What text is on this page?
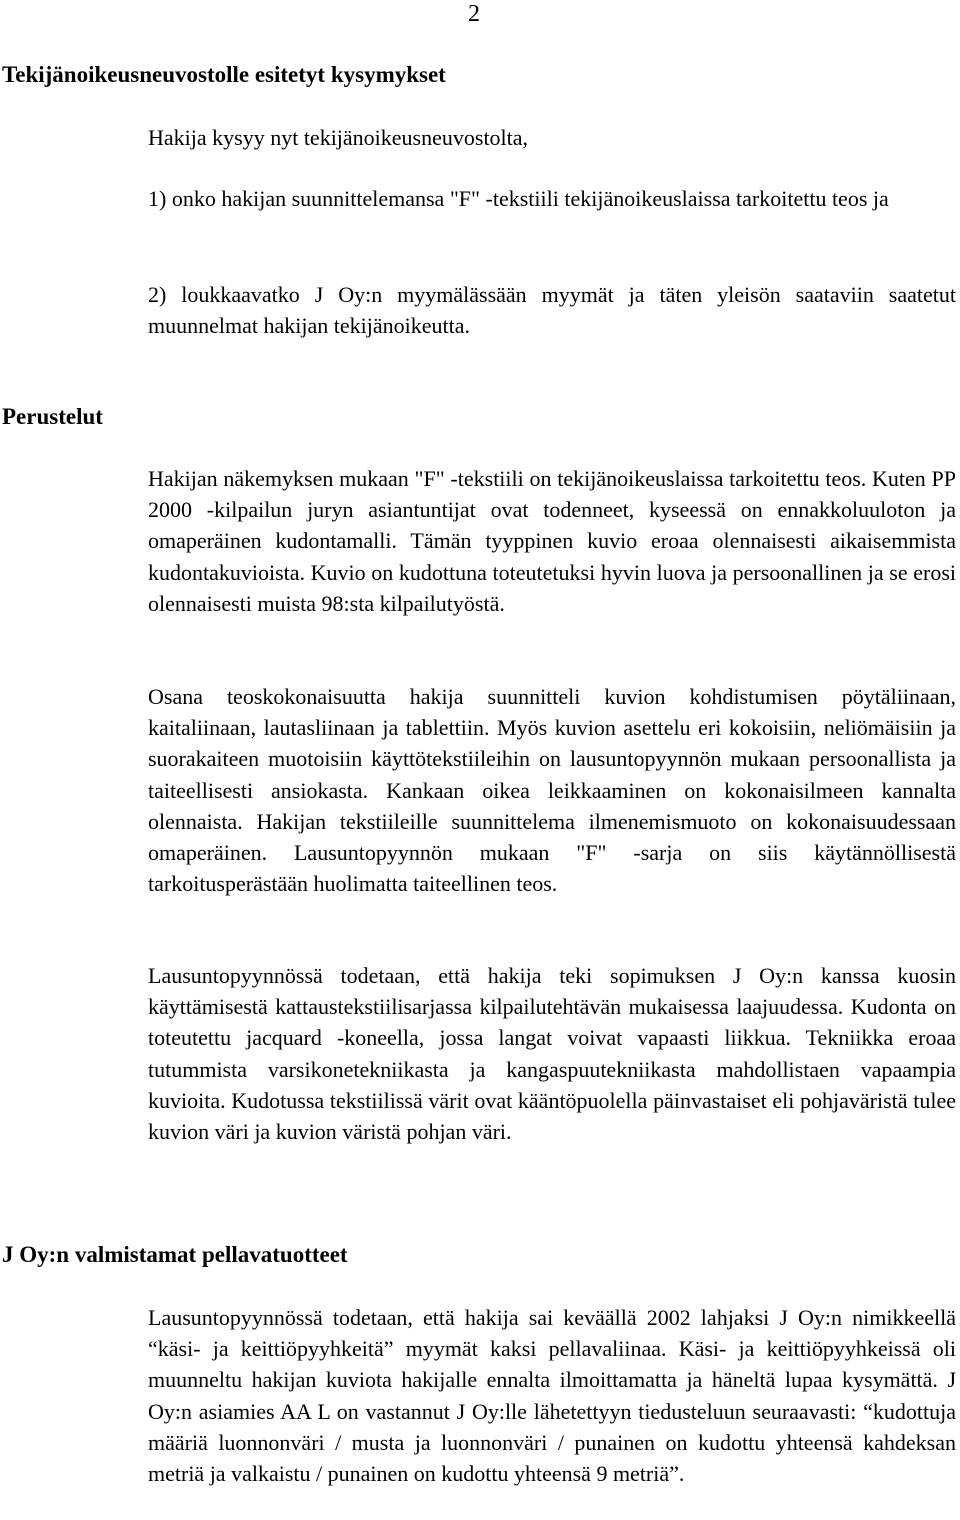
2
Tekijänoikeusneuvostolle esitetyt kysymykset
Hakija kysyy nyt tekijänoikeusneuvostolta,
1) onko hakijan suunnittelemansa "F" -tekstiili tekijänoikeuslaissa tarkoitettu teos ja
2) loukkaavatko J Oy:n myymälässään myymät ja täten yleisön saataviin saatetut muunnelmat hakijan tekijänoikeutta.
Perustelut
Hakijan näkemyksen mukaan "F" -tekstiili on tekijänoikeuslaissa tarkoitettu teos. Kuten PP 2000 -kilpailun juryn asiantuntijat ovat todenneet, kyseessä on ennakkoluuloton ja omaperäinen kudontamalli. Tämän tyyppinen kuvio eroaa olennaisesti aikaisemmista kudontakuvioista. Kuvio on kudottuna toteutetuksi hyvin luova ja persoonallinen ja se erosi olennaisesti muista 98:sta kilpailutyöstä.
Osana teoskokonaisuutta hakija suunnitteli kuvion kohdistumisen pöytäliinaan, kaitaliinaan, lautasliinaan ja tablettiin. Myös kuvion asettelu eri kokoisiin, neliömäisiin ja suorakaiteen muotoisiin käyttötekstiileihin on lausuntopyynnön mukaan persoonallista ja taiteellisesti ansiokasta. Kankaan oikea leikkaaminen on kokonaisilmeen kannalta olennaista. Hakijan tekstiileille suunnittelema ilmenemismuoto on kokonaisuudessaan omaperäinen. Lausuntopyynnön mukaan "F" -sarja on siis käytännöllisestä tarkoitusperästään huolimatta taiteellinen teos.
Lausuntopyynnössä todetaan, että hakija teki sopimuksen J Oy:n kanssa kuosin käyttämisestä kattaustekstiilisarjassa kilpailutehtävän mukaisessa laajuudessa. Kudonta on toteutettu jacquard -koneella, jossa langat voivat vapaasti liikkua. Tekniikka eroaa tutummista varsikonetekniikasta ja kangaspuutekniikasta mahdollistaen vapaampia kuvioita. Kudotussa tekstiilissä värit ovat kääntöpuolella päinvastaiset eli pohjaväristä tulee kuvion väri ja kuvion väristä pohjan väri.
J Oy:n valmistamat pellavatuotteet
Lausuntopyynnössä todetaan, että hakija sai keväällä 2002 lahjaksi J Oy:n nimikkeellä “käsi- ja keittiöpyyhkeitä” myymät kaksi pellavaliinaa. Käsi- ja keittiöpyyhkeissä oli muunneltu hakijan kuviota hakijalle ennalta ilmoittamatta ja häneltä lupaa kysymättä. J Oy:n asiamies AA L on vastannut J Oy:lle lähetettyyn tiedusteluun seuraavasti: “kudottuja määriä luonnonväri / musta ja luonnonväri / punainen on kudottu yhteensä kahdeksan metriä ja valkaistu / punainen on kudottu yhteensä 9 metriä”.
